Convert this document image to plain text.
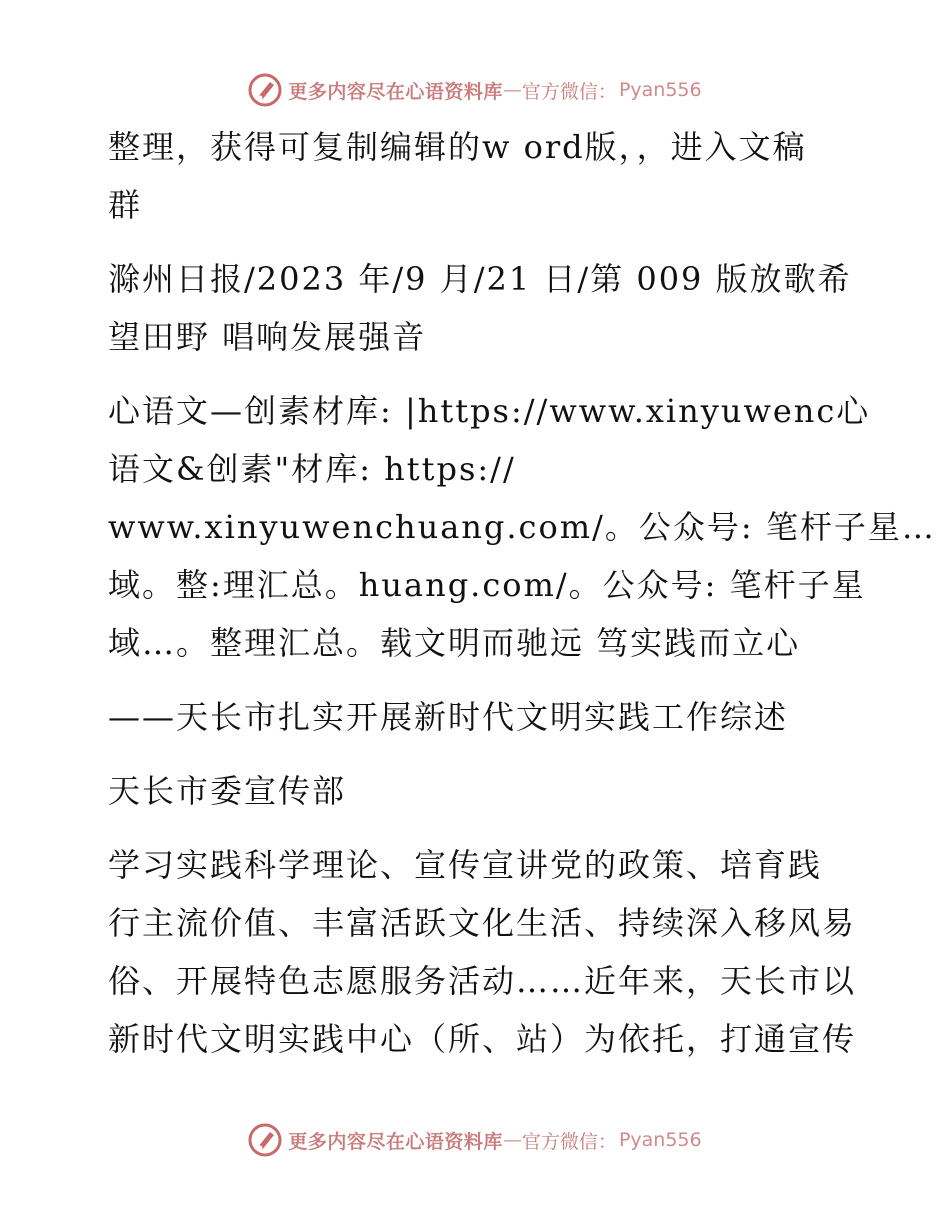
更多内容尽在心语资料库 — 官方微信： Pyan556

整理，获得可复制编辑的w ord版，，进入文稿
群

滁州日报/2023 年/9 月/21 日/第 009 版放歌希
望田野 唱响发展强音

心语文—创素材库: |https://www.xinyuwenc心
语文&创素"材库: https://
www.xinyuwenchuang.com/。公众号: 笔杆子星…
域。整:理汇总。huang.com/。公众号: 笔杆子星
域…。整理汇总。载文明而驰远 笃实践而立心

——天长市扎实开展新时代文明实践工作综述

天长市委宣传部

学习实践科学理论、宣传宣讲党的政策、培育践
行主流价值、丰富活跃文化生活、持续深入移风易
俗、开展特色志愿服务活动……近年来，天长市以
新时代文明实践中心（所、站）为依托，打通宣传

更多内容尽在心语资料库 — 官方微信： Pyan556
